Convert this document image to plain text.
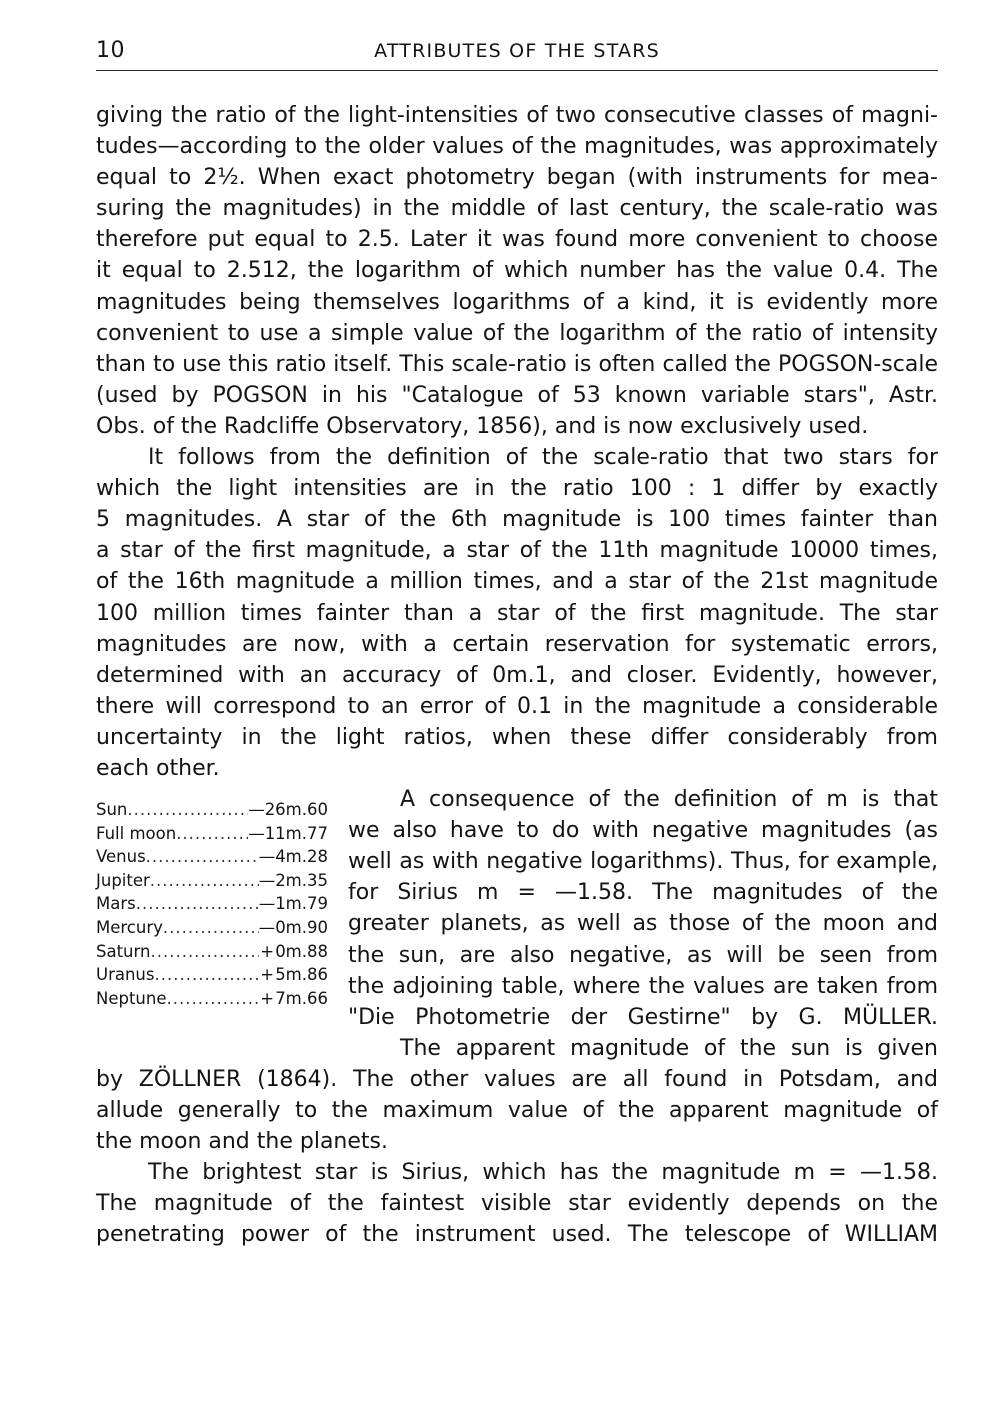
10	ATTRIBUTES OF THE STARS

giving the ratio of the light-intensities of two consecutive classes of magni-
tudes—according to the older values of the magnitudes, was approximately
equal to 2½. When exact photometry began (with instruments for mea-
suring the magnitudes) in the middle of last century, the scale-ratio was
therefore put equal to 2.5. Later it was found more convenient to choose
it equal to 2.512, the logarithm of which number has the value 0.4. The
magnitudes being themselves logarithms of a kind, it is evidently more
convenient to use a simple value of the logarithm of the ratio of intensity
than to use this ratio itself. This scale-ratio is often called the POGSON-scale
(used by POGSON in his "Catalogue of 53 known variable stars", Astr.
Obs. of the Radcliffe Observatory, 1856), and is now exclusively used.

It follows from the definition of the scale-ratio that two stars for
which the light intensities are in the ratio 100 : 1 differ by exactly
5 magnitudes. A star of the 6th magnitude is 100 times fainter than
a star of the first magnitude, a star of the 11th magnitude 10000 times,
of the 16th magnitude a million times, and a star of the 21st magnitude
100 million times fainter than a star of the first magnitude. The star
magnitudes are now, with a certain reservation for systematic errors,
determined with an accuracy of 0m.1, and closer. Evidently, however,
there will correspond to an error of 0.1 in the magnitude a considerable
uncertainty in the light ratios, when these differ considerably from
each other.

Sun .....	— 26m.60
Full moon .....	— 11m.77
Venus .....	— 4m.28
Jupiter .....	— 2m.35
Mars .....	— 1m.79
Mercury .....	— 0m.90
Saturn .....	+ 0m.88
Uranus .....	+ 5m.86
Neptune .....	+ 7m.66
A consequence of the definition of m is that
we also have to do with negative magnitudes (as
well as with negative logarithms). Thus, for example,
for Sirius m = —1.58. The magnitudes of the
greater planets, as well as those of the moon and
the sun, are also negative, as will be seen from
the adjoining table, where the values are taken from
"Die Photometrie der Gestirne" by G. MÜLLER.
The apparent magnitude of the sun is given

by ZÖLLNER (1864). The other values are all found in Potsdam, and
allude generally to the maximum value of the apparent magnitude of
the moon and the planets.

The brightest star is Sirius, which has the magnitude m = —1.58.
The magnitude of the faintest visible star evidently depends on the
penetrating power of the instrument used. The telescope of WILLIAM
